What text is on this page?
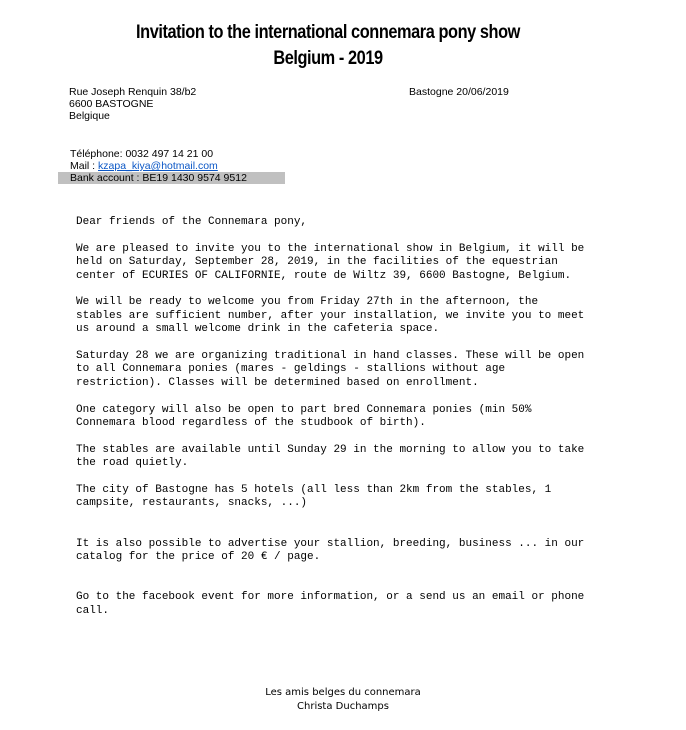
Invitation to the international connemara pony show
Belgium - 2019
Rue Joseph Renquin 38/b2
6600 BASTOGNE
Belgique
Bastogne 20/06/2019
Téléphone: 0032 497 14 21 00
Mail : kzapa_kiya@hotmail.com
Bank account : BE19 1430 9574 9512

Dear friends of the Connemara pony,

We are pleased to invite you to the international show in Belgium, it will be

held on Saturday, September 28, 2019, in the facilities of the equestrian

center of ECURIES OF CALIFORNIE, route de Wiltz 39, 6600 Bastogne, Belgium.

We will be ready to welcome you from Friday 27th in the afternoon, the

stables are sufficient number, after your installation, we invite you to meet

us around a small welcome drink in the cafeteria space.

Saturday 28 we are organizing traditional in hand classes. These will be open

to all Connemara ponies (mares - geldings - stallions without age

restriction). Classes will be determined based on enrollment.

One category will also be open to part bred Connemara ponies (min 50%

Connemara blood regardless of the studbook of birth).

The stables are available until Sunday 29 in the morning to allow you to take

the road quietly.

The city of Bastogne has 5 hotels (all less than 2km from the stables, 1

campsite, restaurants, snacks, ...)

It is also possible to advertise your stallion, breeding, business ... in our

catalog for the price of 20 € / page.

Go to the facebook event for more information, or a send us an email or phone

call.

Les amis belges du connemara
Christa Duchamps
